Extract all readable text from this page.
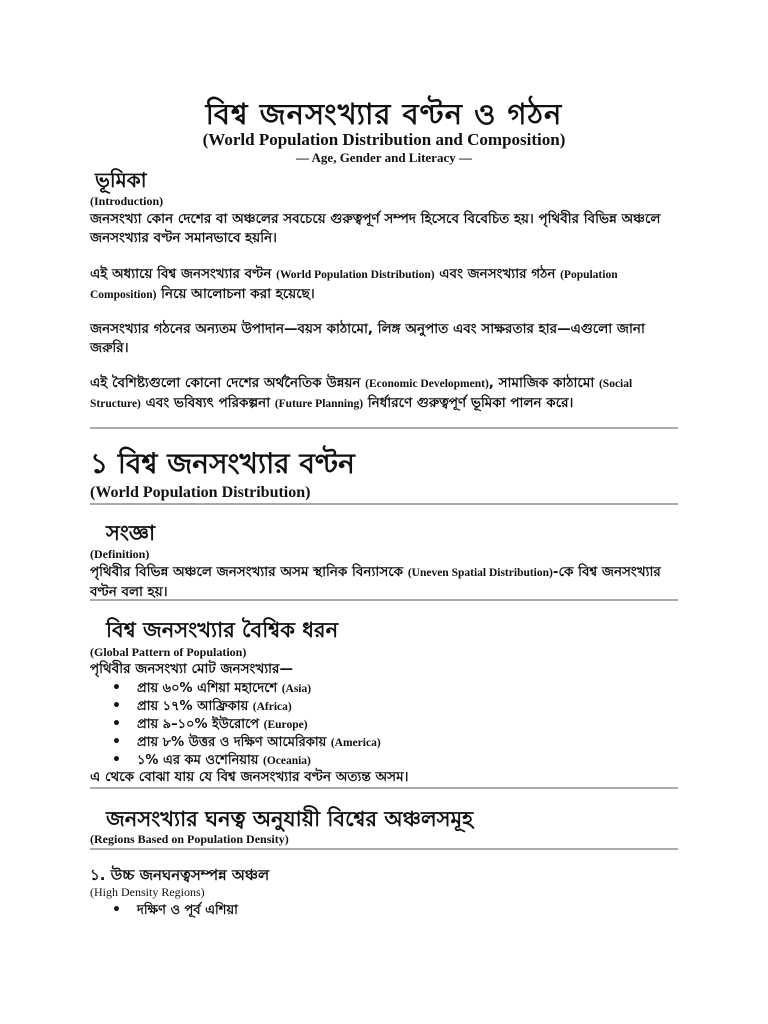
বিশ্ব জনসংখ্যার বণ্টন ও গঠন
(World Population Distribution and Composition)
— Age, Gender and Literacy —
ভূমিকা
(Introduction)
জনসংখ্যা কোন দেশের বা অঞ্চলের সবচেয়ে গুরুত্বপূর্ণ সম্পদ হিসেবে বিবেচিত হয়। পৃথিবীর বিভিন্ন অঞ্চলে জনসংখ্যার বণ্টন সমানভাবে হয়নি।
এই অধ্যায়ে বিশ্ব জনসংখ্যার বণ্টন (World Population Distribution) এবং জনসংখ্যার গঠন (Population Composition) নিয়ে আলোচনা করা হয়েছে।
জনসংখ্যার গঠনের অন্যতম উপাদান—বয়স কাঠামো, লিঙ্গ অনুপাত এবং সাক্ষরতার হার—এগুলো জানা জরুরি।
এই বৈশিষ্ট্যগুলো কোনো দেশের অর্থনৈতিক উন্নয়ন (Economic Development), সামাজিক কাঠামো (Social Structure) এবং ভবিষ্যৎ পরিকল্পনা (Future Planning) নির্ধারণে গুরুত্বপূর্ণ ভূমিকা পালন করে।
১ বিশ্ব জনসংখ্যার বণ্টন
(World Population Distribution)
সংজ্ঞা
(Definition)
পৃথিবীর বিভিন্ন অঞ্চলে জনসংখ্যার অসম স্থানিক বিন্যাসকে (Uneven Spatial Distribution)-কে বিশ্ব জনসংখ্যার বণ্টন বলা হয়।
বিশ্ব জনসংখ্যার বৈশ্বিক ধরন
(Global Pattern of Population)
পৃথিবীর জনসংখ্যা মোট জনসংখ্যার—
• প্রায় ৬০% এশিয়া মহাদেশে (Asia)
• প্রায় ১৭% আফ্রিকায় (Africa)
• প্রায় ৯–১০% ইউরোপে (Europe)
• প্রায় ৮% উত্তর ও দক্ষিণ আমেরিকায় (America)
• ১% এর কম ওশেনিয়ায় (Oceania)
এ থেকে বোঝা যায় যে বিশ্ব জনসংখ্যার বণ্টন অত্যন্ত অসম।
জনসংখ্যার ঘনত্ব অনুযায়ী বিশ্বের অঞ্চলসমূহ
(Regions Based on Population Density)
১. উচ্চ জনঘনত্বসম্পন্ন অঞ্চল
(High Density Regions)
• দক্ষিণ ও পূর্ব এশিয়া
